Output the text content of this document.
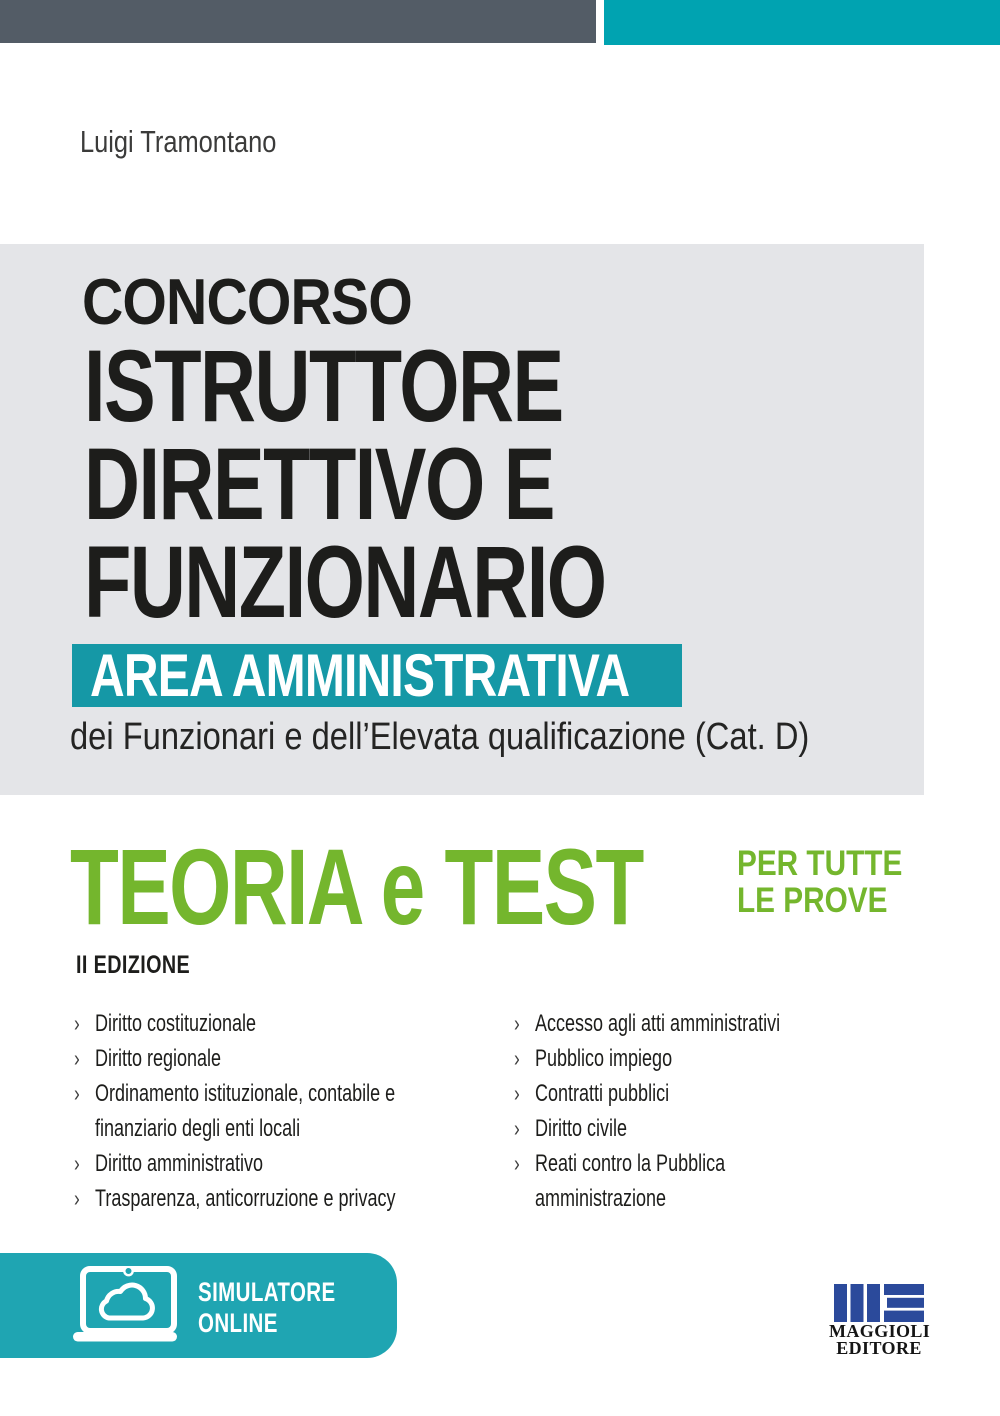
Luigi Tramontano
CONCORSO
ISTRUTTORE
DIRETTIVO E
FUNZIONARIO
AREA AMMINISTRATIVA
dei Funzionari e dell’Elevata qualificazione (Cat. D)
TEORIA e TEST	PER TUTTE
LE PROVE
II EDIZIONE
› Diritto costituzionale
› Diritto regionale
› Ordinamento istituzionale, contabile e finanziario degli enti locali
› Diritto amministrativo
› Trasparenza, anticorruzione e privacy
› Accesso agli atti amministrativi
› Pubblico impiego
› Contratti pubblici
› Diritto civile
› Reati contro la Pubblica amministrazione
SIMULATORE
ONLINE	MAGGIOLI
EDITORE
